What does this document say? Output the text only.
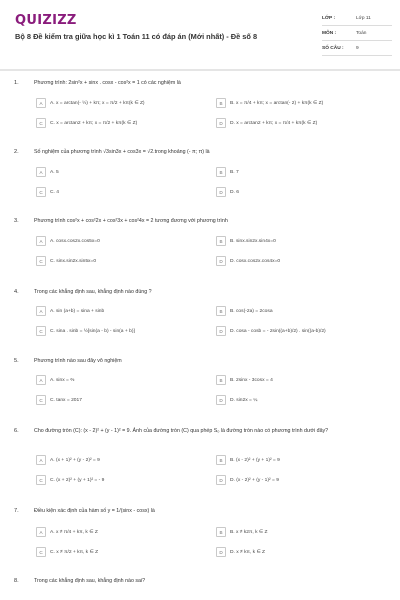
QUIZIZZ
Bộ 8 Đề kiểm tra giữa học kì 1 Toán 11 có đáp án (Mới nhất) - Đề số 8
LỚP :	Lớp 11
MÔN :	Toán
SỐ CÂU :	9
1.	Phương trình: 2sin²x + sinx . cosx - cos²x = 1 có các nghiệm là
A	A. x = arctan(- ½) + kπ; x = π/2 + kπ(k ∈ Z)	B	B. x = π/4 + kπ; x = arctan(- 2) + kπ(k ∈ Z)
C	C. x = arctan2 + kπ; x = π/2 + kπ(k ∈ Z)	D	D. x = arctan2 + kπ; x = π/4 + kπ(k ∈ Z)
2.	Số nghiệm của phương trình √3sin3x + cos3x = √2.trong khoảng (- π; π) là
A	A. 5	B	B. 7
C	C. 4	D	D. 6
3.	Phương trình cos²x + cos²2x + cos²3x + cos²4x = 2 tương đương với phương trình
A	A. cosx.cos2x.cos5x=0	B	B. sinx.sin2x.sin4x=0
C	C. sinx.sin2x.sin5x=0	D	D. cosx.cos2x.cos4x=0
4.	Trong các khẳng định sau, khẳng định nào đúng ?
A	A. sin (a+b) = sina + sinb	B	B. cos(-2a) = 2cosa
C	C. sina . sinb = ½[sin(a - b) - sin(a + b)]	D	D. cosa - cosb = - 2sin((a+b)/2) . sin((a-b)/2)
5.	Phương trình nào sau đây vô nghiệm
A	A. sinx = ⅔	B	B. 2sinx - 3cosx = 4
C	C. tanx = 2017	D	D. sin2x = ¼
6.	Cho đường tròn (C): (x - 2)² + (y - 1)² = 9. Ảnh của đường tròn (C) qua phép Sₒ là đường tròn nào có phương trình dưới đây?
A	A. (x + 1)² + (y - 2)² = 9	B	B. (x - 2)² + (y + 1)² = 9
C	C. (x + 2)² + (y + 1)² = - 9	D	D. (x - 2)² + (y - 1)² = 9
7.	Điều kiện xác định của hàm số y = 1/(sinx - cosx) là
A	A. x ≠ π/4 + kπ, k ∈ Z	B	B. x ≠ k2π, k ∈ Z
C	C. x ≠ π/2 + kπ, k ∈ Z	D	D. x ≠ kπ, k ∈ Z
8.	Trong các khẳng định sau, khẳng định nào sai?
